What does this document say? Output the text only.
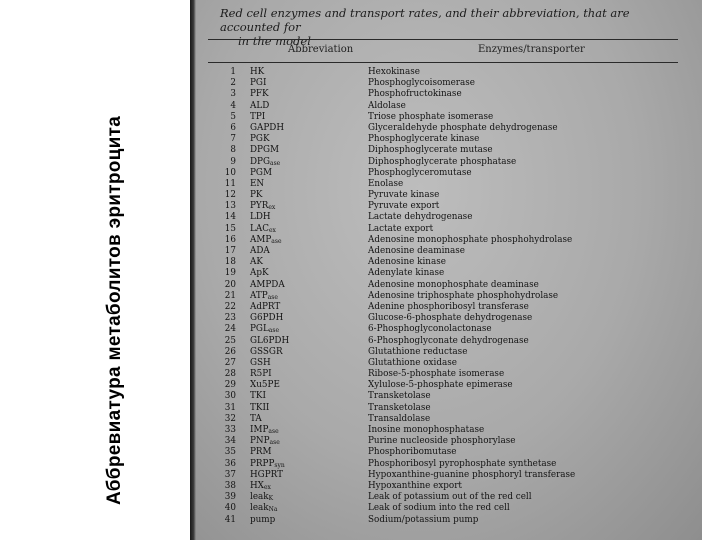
Аббревиатура метаболитов эритроцита
Red cell enzymes and transport rates, and their abbreviation, that are accounted for
in the model
Abbreviation	Enzymes/transporter
1 HK	Hexokinase
2 PGI	Phosphoglycoisomerase
3 PFK	Phosphofructokinase
4 ALD	Aldolase
5 TPI	Triose phosphate isomerase
6 GAPDH	Glyceraldehyde phosphate dehydrogenase
7 PGK	Phosphoglycerate kinase
8 DPGM	Diphosphoglycerate mutase
9 $DPG_{ase}$	Diphosphoglycerate phosphatase
10 PGM	Phosphoglyceromutase
11 EN	Enolase
12 PK	Pyruvate kinase
13 $PYR_{ex}$	Pyruvate export
14 LDH	Lactate dehydrogenase
15 $LAC_{ex}$	Lactate export
16 $AMP_{ase}$	Adenosine monophosphate phosphohydrolase
17 ADA	Adenosine deaminase
18 AK	Adenosine kinase
19 ApK	Adenylate kinase
20 AMPDA	Adenosine monophosphate deaminase
21 $ATP_{ase}$	Adenosine triphosphate phosphohydrolase
22 AdPRT	Adenine phosphoribosyl transferase
23 G6PDH	Glucose-6-phosphate dehydrogenase
24 $PGL_{ase}$	6-Phosphoglyconolactonase
25 GL6PDH	6-Phosphoglyconate dehydrogenase
26 GSSGR	Glutathione reductase
27 GSH	Glutathione oxidase
28 R5PI	Ribose-5-phosphate isomerase
29 Xu5PE	Xylulose-5-phosphate epimerase
30 TKI	Transketolase
31 TKII	Transketolase
32 TA	Transaldolase
33 $IMP_{ase}$	Inosine monophosphatase
34 $PNP_{ase}$	Purine nucleoside phosphorylase
35 PRM	Phosphoribomutase
36 $PRPP_{syn}$	Phosphoribosyl pyrophosphate synthetase
37 HGPRT	Hypoxanthine-guanine phosphoryl transferase
38 $HX_{ex}$	Hypoxanthine export
39 leak$_K$	Leak of potassium out of the red cell
40 leak$_{Na}$	Leak of sodium into the red cell
41 pump	Sodium/potassium pump
